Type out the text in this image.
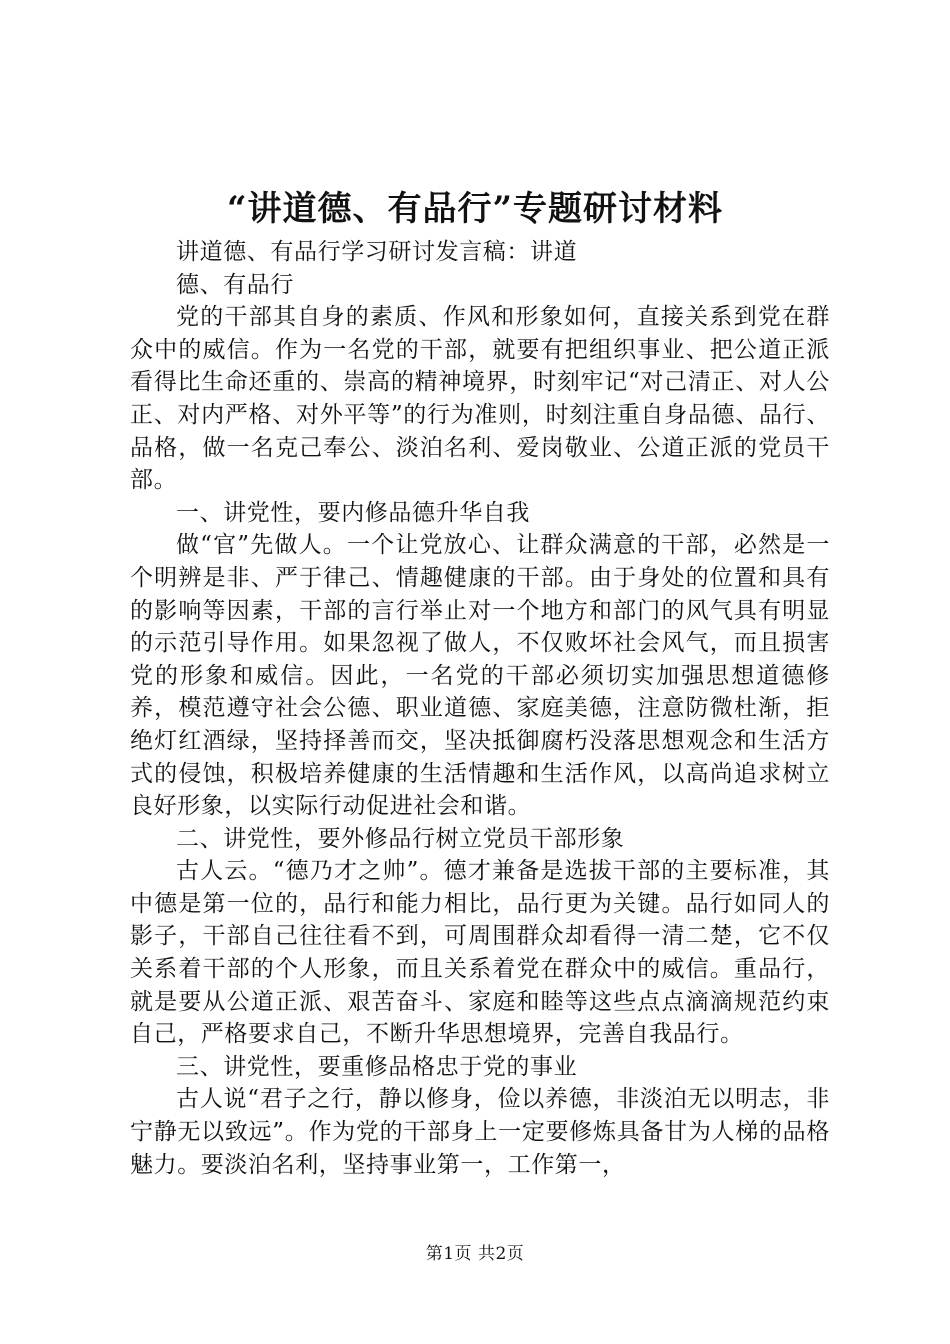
“讲道德、有品行”专题研讨材料

讲道德、有品行学习研讨发言稿：讲道德、有品行

党的干部其自身的素质、作风和形象如何，直接关系到党在群众中的威信。作为一名党的干部，就要有把组织事业、把公道正派看得比生命还重的、崇高的精神境界，时刻牢记“对己清正、对人公正、对内严格、对外平等”的行为准则，时刻注重自身品德、品行、品格，做一名克己奉公、淡泊名利、爱岗敬业、公道正派的党员干部。

一、讲党性，要内修品德升华自我

做“官”先做人。一个让党放心、让群众满意的干部，必然是一个明辨是非、严于律己、情趣健康的干部。由于身处的位置和具有的影响等因素，干部的言行举止对一个地方和部门的风气具有明显的示范引导作用。如果忽视了做人，不仅败坏社会风气，而且损害党的形象和威信。因此，一名党的干部必须切实加强思想道德修养，模范遵守社会公德、职业道德、家庭美德，注意防微杜渐，拒绝灯红酒绿，坚持择善而交，坚决抵御腐朽没落思想观念和生活方式的侵蚀，积极培养健康的生活情趣和生活作风，以高尚追求树立良好形象，以实际行动促进社会和谐。

二、讲党性，要外修品行树立党员干部形象

古人云。“德乃才之帅”。德才兼备是选拔干部的主要标准，其中德是第一位的，品行和能力相比，品行更为关键。品行如同人的影子，干部自己往往看不到，可周围群众却看得一清二楚，它不仅关系着干部的个人形象，而且关系着党在群众中的威信。重品行，就是要从公道正派、艰苦奋斗、家庭和睦等这些点点滴滴规范约束自己，严格要求自己，不断升华思想境界，完善自我品行。

三、讲党性，要重修品格忠于党的事业

古人说“君子之行，静以修身，俭以养德，非淡泊无以明志，非宁静无以致远”。作为党的干部身上一定要修炼具备甘为人梯的品格魅力。要淡泊名利，坚持事业第一，工作第一，

第1页 共2页
